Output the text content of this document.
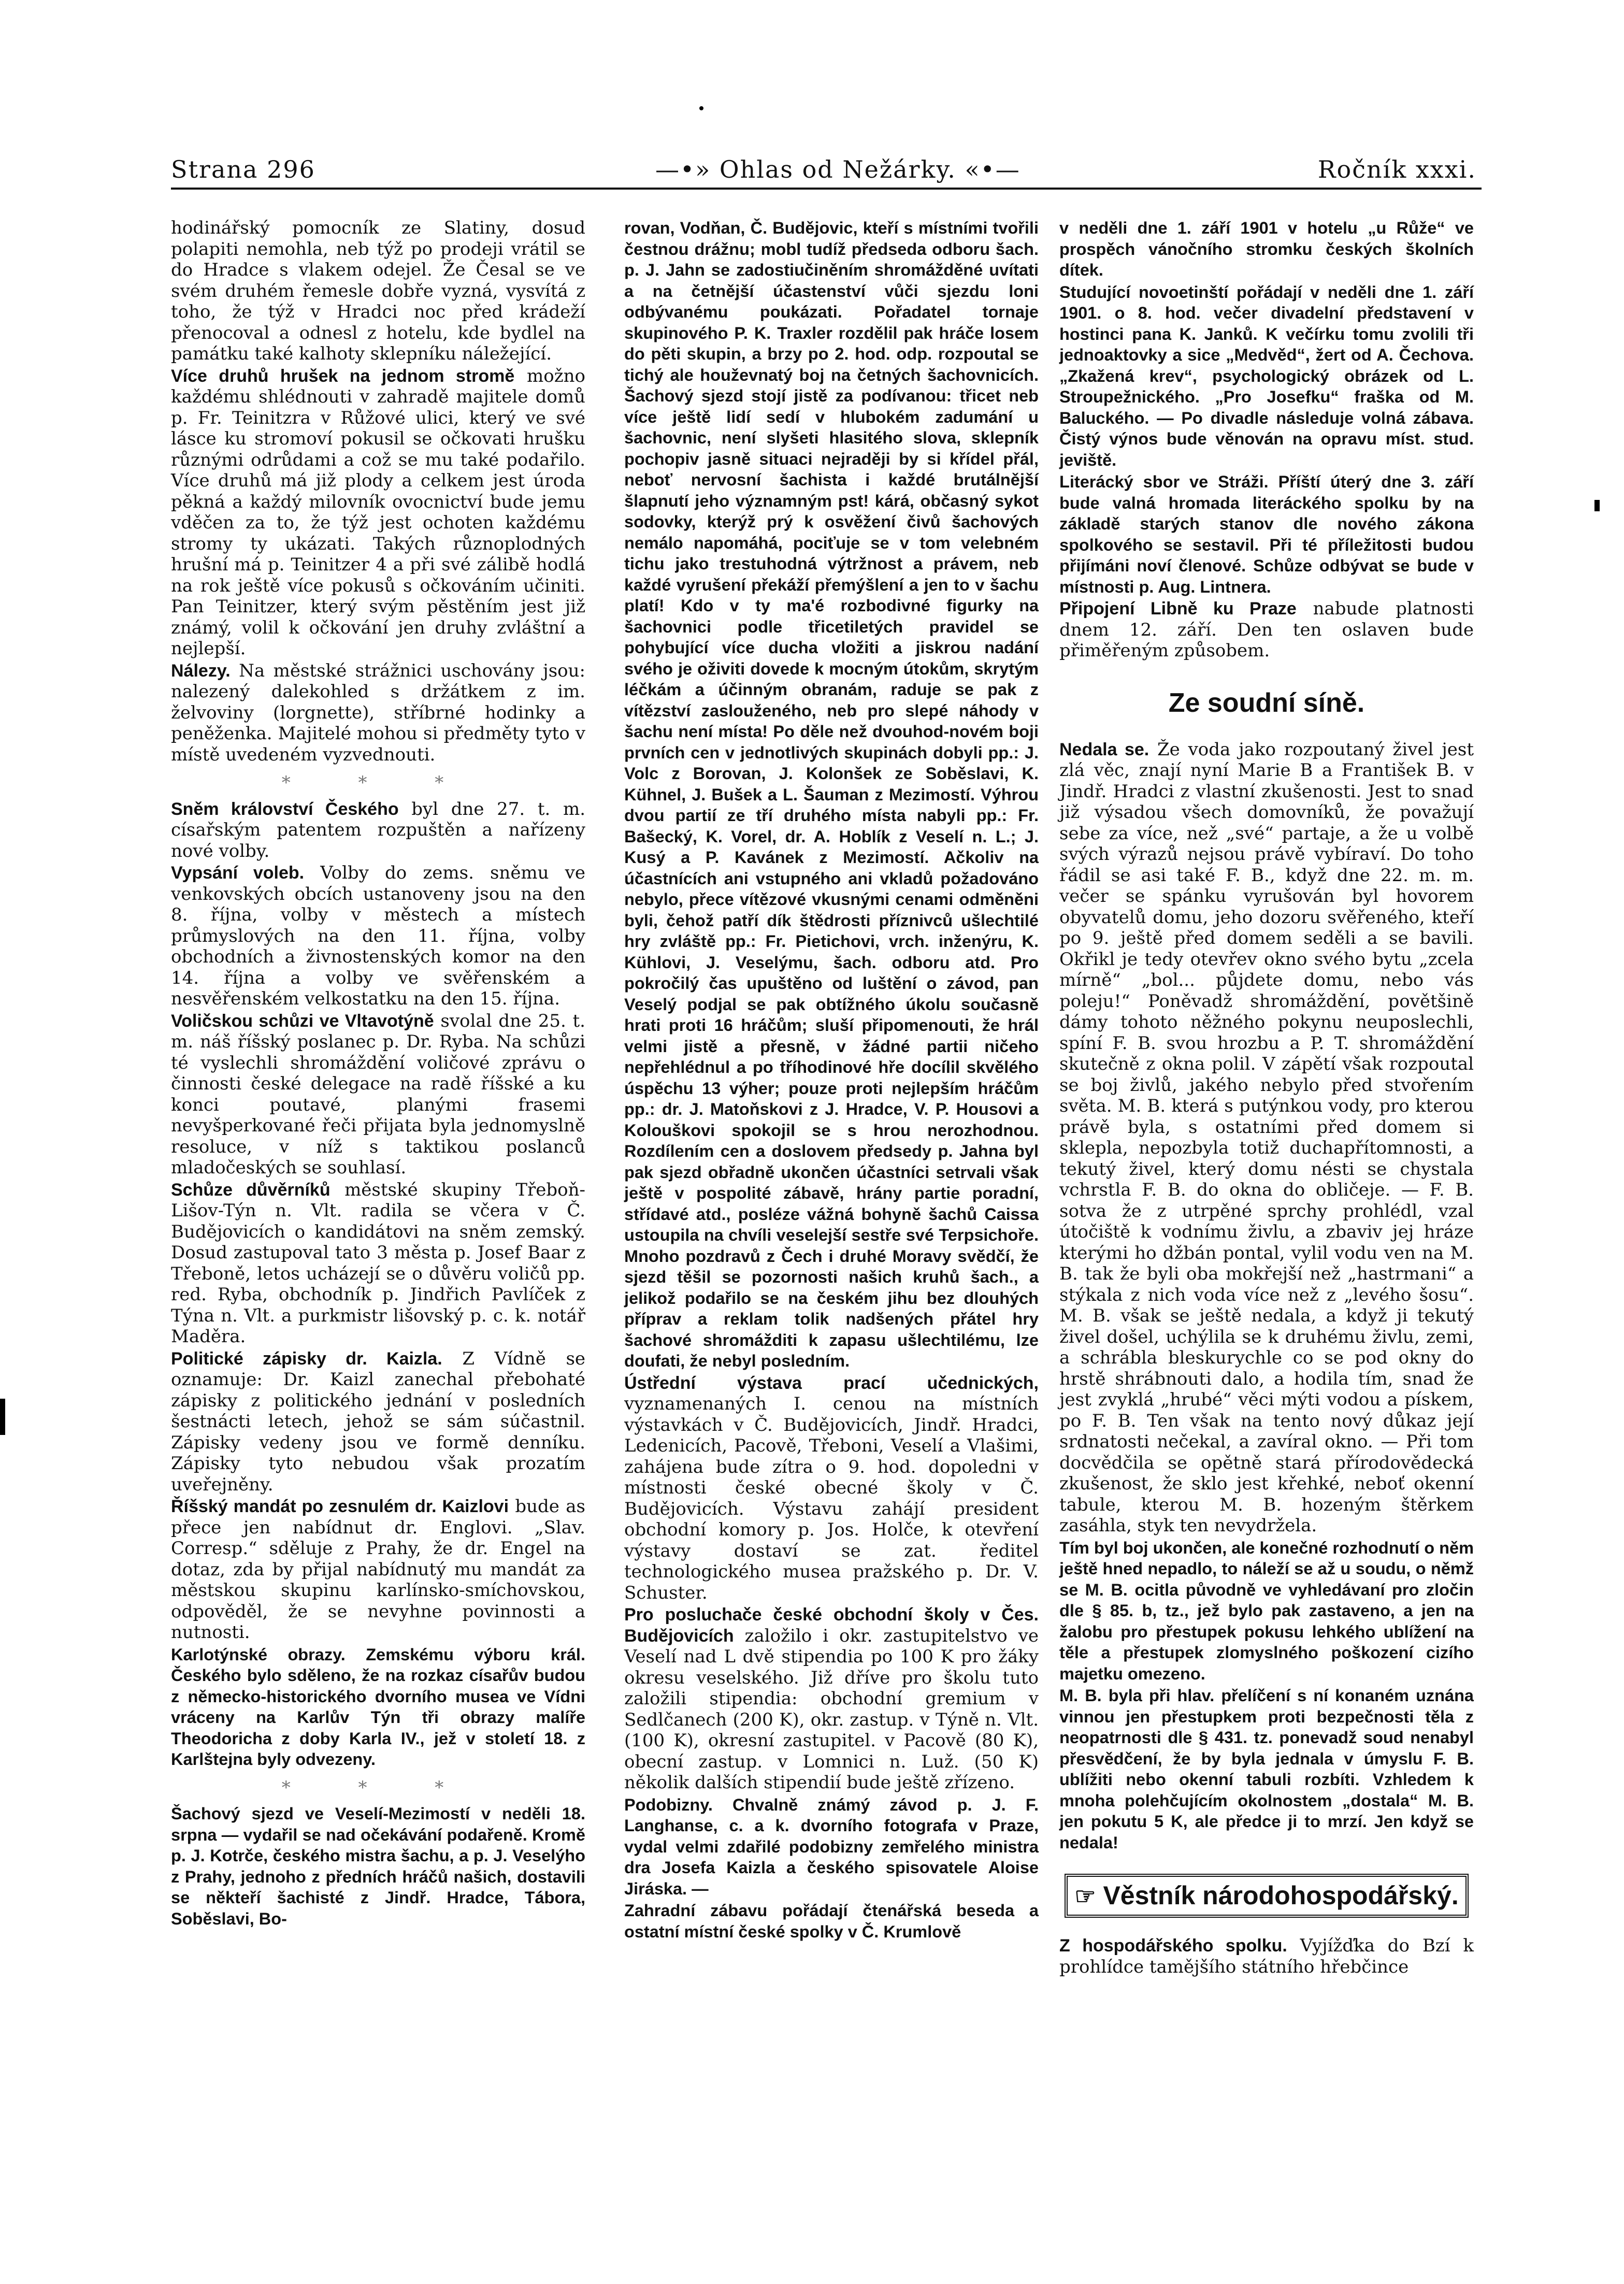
Strana 296	—•» Ohlas od Nežárky. «•—	Ročník xxxi.

hodinářský pomocník ze Slatiny, dosud polapiti nemohla, neb týž po prodeji vrátil se do Hradce s vlakem odejel. Že Česal se ve svém druhém řemesle dobře vyzná, vysvítá z toho, že týž v Hradci noc před krádeží přenocoval a odnesl z hotelu, kde bydlel na památku také kalhoty sklepníku náležející.

Více druhů hrušek na jednom stromě možno každému shlédnouti v zahradě majitele domů p. Fr. Teinitzra v Růžové ulici, který ve své lásce ku stromoví pokusil se očkovati hrušku různými odrůdami a což se mu také podařilo. Více druhů má již plody a celkem jest úroda pěkná a každý milovník ovocnictví bude jemu vděčen za to, že týž jest ochoten každému stromy ty ukázati. Takých různoplodných hrušní má p. Teinitzer 4 a při své zálibě hodlá na rok ještě více pokusů s očkováním učiniti. Pan Teinitzer, který svým pěstěním jest již známý, volil k očkování jen druhy zvláštní a nejlepší.

Nálezy. Na městské strážnici uschovány jsou: nalezený dalekohled s držátkem z im. želvoviny (lorgnette), stříbrné hodinky a peněženka. Majitelé mohou si předměty tyto v místě uvedeném vyzvednouti.

* * *

Sněm království Českého byl dne 27. t. m. císařským patentem rozpuštěn a nařízeny nové volby.

Vypsání voleb. Volby do zems. sněmu ve venkovských obcích ustanoveny jsou na den 8. října, volby v městech a místech průmyslových na den 11. října, volby obchodních a živnostenských komor na den 14. října a volby ve svěřenském a nesvěřenském velkostatku na den 15. října.

Voličskou schůzi ve Vltavotýně svolal dne 25. t. m. náš říšský poslanec p. Dr. Ryba. Na schůzi té vyslechli shromáždění voličové zprávu o činnosti české delegace na radě říšské a ku konci poutavé, planými frasemi nevyšperkované řeči přijata byla jednomyslně resoluce, v níž s taktikou poslanců mladočeských se souhlasí.

Schůze důvěrníků městské skupiny Třeboň-Lišov-Týn n. Vlt. radila se včera v Č. Budějovicích o kandidátovi na sněm zemský. Dosud zastupoval tato 3 města p. Josef Baar z Třeboně, letos ucházejí se o důvěru voličů pp. red. Ryba, obchodník p. Jindřich Pavlíček z Týna n. Vlt. a purkmistr lišovský p. c. k. notář Maděra.

Politické zápisky dr. Kaizla. Z Vídně se oznamuje: Dr. Kaizl zanechal přebohaté zápisky z politického jednání v posledních šestnácti letech, jehož se sám súčastnil. Zápisky vedeny jsou ve formě denníku. Zápisky tyto nebudou však prozatím uveřejněny.

Říšský mandát po zesnulém dr. Kaizlovi bude as přece jen nabídnut dr. Englovi. „Slav. Corresp.“ sděluje z Prahy, že dr. Engel na dotaz, zda by přijal nabídnutý mu mandát za městskou skupinu karlínsko-smíchovskou, odpověděl, že se nevyhne povinnosti a nutnosti.

Karlotýnské obrazy. Zemskému výboru král. Českého bylo sděleno, že na rozkaz císařův budou z německo-historického dvorního musea ve Vídni vráceny na Karlův Týn tři obrazy malíře Theodoricha z doby Karla IV., jež v století 18. z Karlštejna byly odvezeny.

* * *

Šachový sjezd ve Veselí-Mezimostí v neděli 18. srpna — vydařil se nad očekávání podařeně. Kromě p. J. Kotrče, českého mistra šachu, a p. J. Veselýho z Prahy, jednoho z předních hráčů našich, dostavili se někteří šachisté z Jindř. Hradce, Tábora, Soběslavi, Bo-

rovan, Vodňan, Č. Budějovic, kteří s místními tvořili čestnou drážnu; mobl tudíž předseda odboru šach. p. J. Jahn se zadostiučiněním shromážděné uvítati a na četnější účastenství vůči sjezdu loni odbývanému poukázati. Pořadatel tornaje skupinového P. K. Traxler rozdělil pak hráče losem do pěti skupin, a brzy po 2. hod. odp. rozpoutal se tichý ale houževnatý boj na četných šachovnicích. Šachový sjezd stojí jistě za podívanou: třicet neb více ještě lidí sedí v hlubokém zadumání u šachovnic, není slyšeti hlasitého slova, sklepník pochopiv jasně situaci nejraději by si křídel přál, neboť nervosní šachista i každé brutálnější šlapnutí jeho významným pst! kárá, občasný sykot sodovky, kterýž prý k osvěžení čivů šachových nemálo napomáhá, pociťuje se v tom velebném tichu jako trestuhodná výtržnost a právem, neb každé vyrušení překáží přemýšlení a jen to v šachu platí! Kdo v ty ma'é rozbodivné figurky na šachovnici podle třicetiletých pravidel se pohybující více ducha vložiti a jiskrou nadání svého je oživiti dovede k mocným útokům, skrytým léčkám a účinným obranám, raduje se pak z vítězství zaslouženého, neb pro slepé náhody v šachu není místa! Po děle než dvouhod-novém boji prvních cen v jednotlivých skupinách dobyli pp.: J. Volc z Borovan, J. Kolonšek ze Soběslavi, K. Kühnel, J. Bušek a L. Šauman z Mezimostí. Výhrou dvou partií ze tří druhého místa nabyli pp.: Fr. Bašecký, K. Vorel, dr. A. Hoblík z Veselí n. L.; J. Kusý a P. Kavánek z Mezimostí. Ačkoliv na účastnících ani vstupného ani vkladů požadováno nebylo, přece vítězové vkusnými cenami odměněni byli, čehož patří dík štědrosti příznivců ušlechtilé hry zvláště pp.: Fr. Pietichovi, vrch. inženýru, K. Kühlovi, J. Veselýmu, šach. odboru atd. Pro pokročilý čas upuštěno od luštění o závod, pan Veselý podjal se pak obtížného úkolu současně hrati proti 16 hráčům; sluší připomenouti, že hrál velmi jistě a přesně, v žádné partii ničeho nepřehlédnul a po tříhodinové hře docílil skvělého úspěchu 13 výher; pouze proti nejlepším hráčům pp.: dr. J. Matoňskovi z J. Hradce, V. P. Housovi a Kolouškovi spokojil se s hrou nerozhodnou. Rozdílením cen a doslovem předsedy p. Jahna byl pak sjezd obřadně ukončen účastníci setrvali však ještě v pospolité zábavě, hrány partie poradní, střídavé atd., posléze vážná bohyně šachů Caissa ustoupila na chvíli veselejší sestře své Terpsichoře. Mnoho pozdravů z Čech i druhé Moravy svědčí, že sjezd těšil se pozornosti našich kruhů šach., a jelikož podařilo se na českém jihu bez dlouhých příprav a reklam tolik nadšených přátel hry šachové shromážditi k zapasu ušlechtilému, lze doufati, že nebyl posledním.

Ústřední výstava prací učednických, vyznamenaných I. cenou na místních výstavkách v Č. Budějovicích, Jindř. Hradci, Ledenicích, Pacově, Třeboni, Veselí a Vlašimi, zahájena bude zítra o 9. hod. dopoledni v místnosti české obecné školy v Č. Budějovicích. Výstavu zahájí president obchodní komory p. Jos. Holče, k otevření výstavy dostaví se zat. ředitel technologického musea pražského p. Dr. V. Schuster.

Pro posluchače české obchodní školy v Čes. Budějovicích založilo i okr. zastupitelstvo ve Veselí nad L dvě stipendia po 100 K pro žáky okresu veselského. Již dříve pro školu tuto založili stipendia: obchodní gremium v Sedlčanech (200 K), okr. zastup. v Týně n. Vlt. (100 K), okresní zastupitel. v Pacově (80 K), obecní zastup. v Lomnici n. Luž. (50 K) několik dalších stipendií bude ještě zřízeno.

Podobizny. Chvalně známý závod p. J. F. Langhanse, c. a k. dvorního fotografa v Praze, vydal velmi zdařilé podobizny zemřelého ministra dra Josefa Kaizla a českého spisovatele Aloise Jiráska. —

Zahradní zábavu pořádají čtenářská beseda a ostatní místní české spolky v Č. Krumlově

v neděli dne 1. září 1901 v hotelu „u Růže“ ve prospěch vánočního stromku českých školních dítek.

Studující novoetinští pořádají v neděli dne 1. září 1901. o 8. hod. večer divadelní představení v hostinci pana K. Janků. K večírku tomu zvolili tři jednoaktovky a sice „Medvěd“, žert od A. Čechova. „Zkažená krev“, psychologický obrázek od L. Stroupežnického. „Pro Josefku“ fraška od M. Baluckého. — Po divadle následuje volná zábava. Čistý výnos bude věnován na opravu míst. stud. jeviště.

Literácký sbor ve Stráži. Příští úterý dne 3. září bude valná hromada literáckého spolku by na základě starých stanov dle nového zákona spolkového se sestavil. Při té příležitosti budou přijímáni noví členové. Schůze odbývat se bude v místnosti p. Aug. Lintnera.

Připojení Libně ku Praze nabude platnosti dnem 12. září. Den ten oslaven bude přiměřeným způsobem.

Ze soudní síně.

Nedala se. Že voda jako rozpoutaný živel jest zlá věc, znají nyní Marie B a František B. v Jindř. Hradci z vlastní zkušenosti. Jest to snad již výsadou všech domovníků, že považují sebe za více, než „své“ partaje, a že u volbě svých výrazů nejsou právě vybíraví. Do toho řádil se asi také F. B., když dne 22. m. m. večer se spánku vyrušován byl hovorem obyvatelů domu, jeho dozoru svěřeného, kteří po 9. ještě před domem seděli a se bavili. Okřikl je tedy otevřev okno svého bytu „zcela mírně“ „bol... půjdete domu, nebo vás poleju!“ Poněvadž shromáždění, povětšině dámy tohoto něžného pokynu neuposlechli, spíní F. B. svou hrozbu a P. T. shromáždění skutečně z okna polil. V zápětí však rozpoutal se boj živlů, jakého nebylo před stvořením světa. M. B. která s putýnkou vody, pro kterou právě byla, s ostatními před domem si sklepla, nepozbyla totiž duchapřítomnosti, a tekutý živel, který domu nésti se chystala vchrstla F. B. do okna do obličeje. — F. B. sotva že z utrpěné sprchy prohlédl, vzal útočiště k vodnímu živlu, a zbaviv jej hráze kterými ho džbán pontal, vylil vodu ven na M. B. tak že byli oba mokřejší než „hastrmani“ a stýkala z nich voda více než z „levého šosu“. M. B. však se ještě nedala, a když ji tekutý živel došel, uchýlila se k druhému živlu, zemi, a schrábla bleskurychle co se pod okny do hrstě shrábnouti dalo, a hodila tím, snad že jest zvyklá „hrubé“ věci mýti vodou a pískem, po F. B. Ten však na tento nový důkaz její srdnatosti nečekal, a zavíral okno. — Při tom docvědčila se opětně stará přírodovědecká zkušenost, že sklo jest křehké, neboť okenní tabule, kterou M. B. hozeným štěrkem zasáhla, styk ten nevydržela.

Tím byl boj ukončen, ale konečné rozhodnutí o něm ještě hned nepadlo, to náleží se až u soudu, o němž se M. B. ocitla původně ve vyhledávaní pro zločin dle § 85. b, tz., jež bylo pak zastaveno, a jen na žalobu pro přestupek pokusu lehkého ublížení na těle a přestupek zlomyslného poškození cizího majetku omezeno.

M. B. byla při hlav. přelíčení s ní konaném uznána vinnou jen přestupkem proti bezpečnosti těla z neopatrnosti dle § 431. tz. ponevadž soud nenabyl přesvědčení, že by byla jednala v úmyslu F. B. ublížiti nebo okenní tabuli rozbíti. Vzhledem k mnoha polehčujícím okolnostem „dostala“ M. B. jen pokutu 5 K, ale předce ji to mrzí. Jen když se nedala!

☞ Věstník národohospodářský.

Z hospodářského spolku. Vyjížďka do Bzí k prohlídce tamějšího státního hřebčince
